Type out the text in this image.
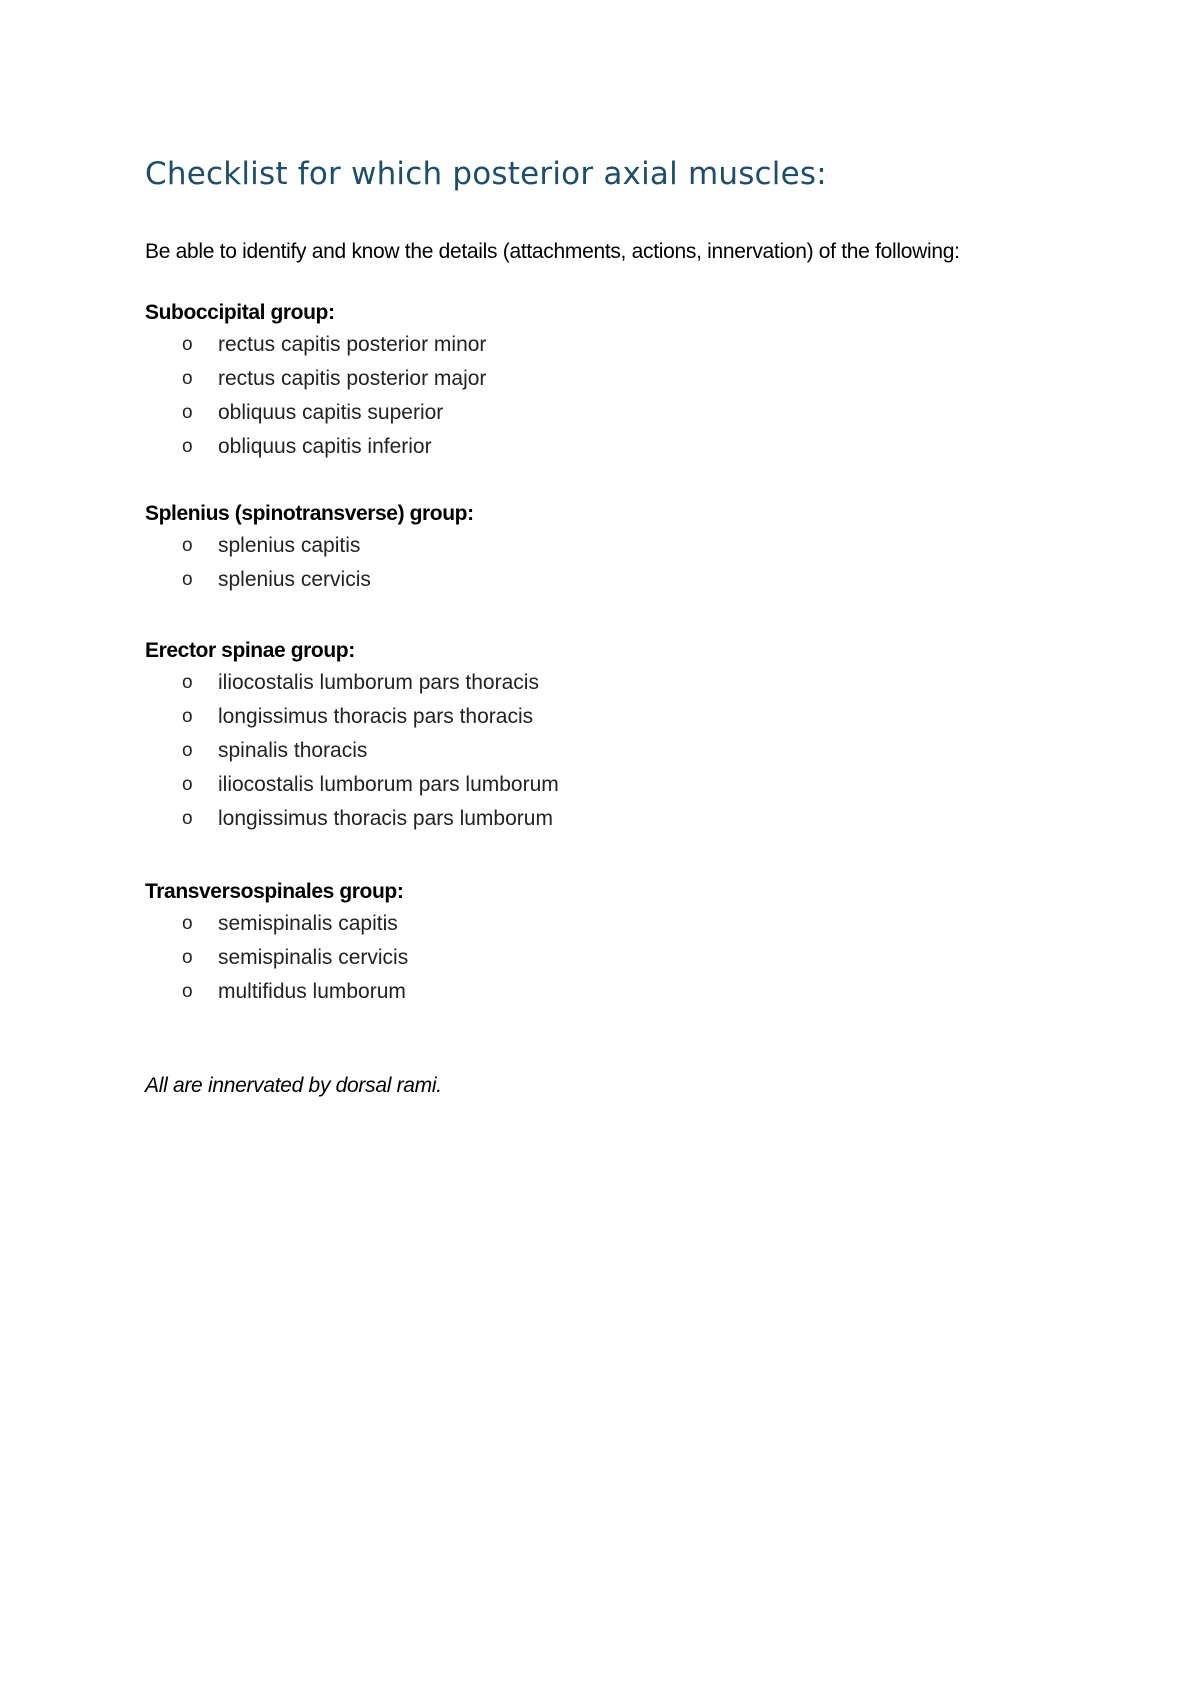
Checklist for which posterior axial muscles:
Be able to identify and know the details (attachments, actions, innervation) of the following:
Suboccipital group:
o rectus capitis posterior minor
o rectus capitis posterior major
o obliquus capitis superior
o obliquus capitis inferior
Splenius (spinotransverse) group:
o splenius capitis
o splenius cervicis
Erector spinae group:
o iliocostalis lumborum pars thoracis
o longissimus thoracis pars thoracis
o spinalis thoracis
o iliocostalis lumborum pars lumborum
o longissimus thoracis pars lumborum
Transversospinales group:
o semispinalis capitis
o semispinalis cervicis
o multifidus lumborum
All are innervated by dorsal rami.
